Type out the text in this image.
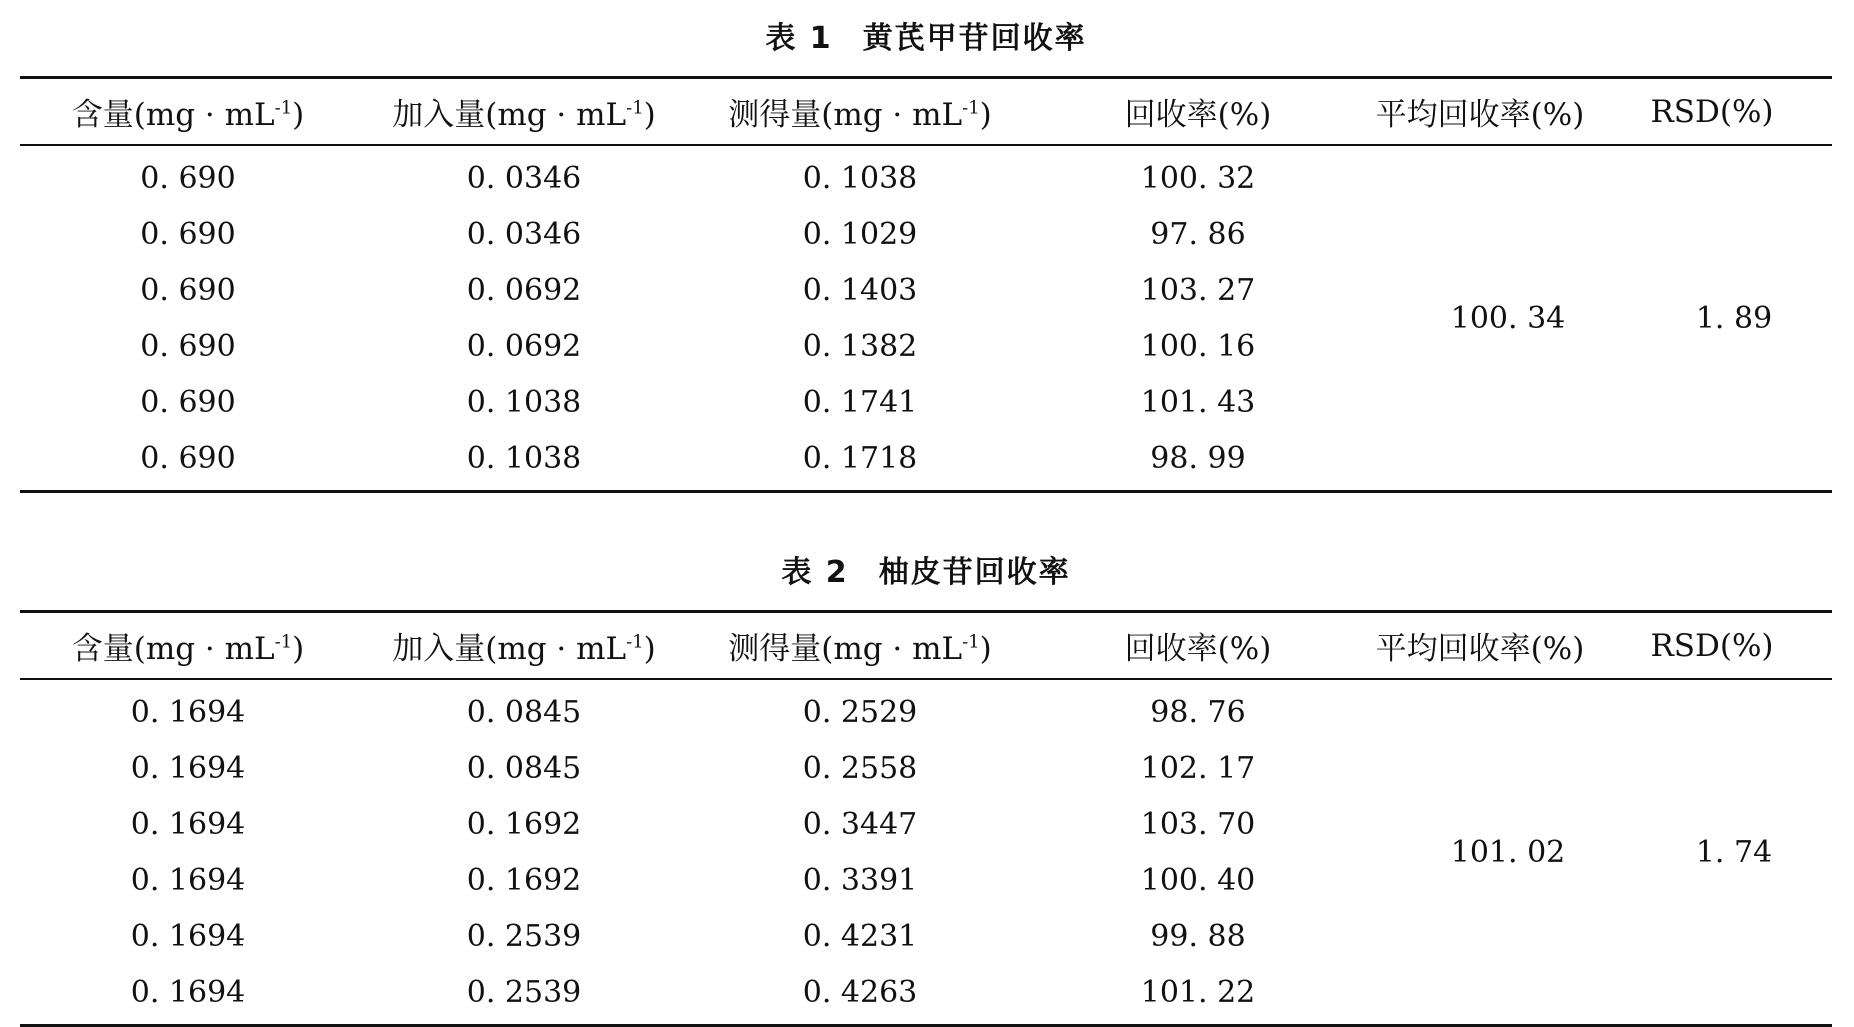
表 1 黄芪甲苷回收率
含量$(mg \cdot mL^{-1})$	加入量$(mg \cdot mL^{-1})$	测得量$(mg \cdot mL^{-1})$	回收率(%)	平均回收率(%)	RSD(%)
0. 690	0. 0346	0. 1038	100. 32
0. 690	0. 0346	0. 1029	97. 86
0. 690	0. 0692	0. 1403	103. 27
0. 690	0. 0692	0. 1382	100. 16
0. 690	0. 1038	0. 1741	101. 43
0. 690	0. 1038	0. 1718	98. 99
100. 34	1. 89
表 2 柚皮苷回收率
含量$(mg \cdot mL^{-1})$	加入量$(mg \cdot mL^{-1})$	测得量$(mg \cdot mL^{-1})$	回收率(%)	平均回收率(%)	RSD(%)
0. 1694	0. 0845	0. 2529	98. 76
0. 1694	0. 0845	0. 2558	102. 17
0. 1694	0. 1692	0. 3447	103. 70
0. 1694	0. 1692	0. 3391	100. 40
0. 1694	0. 2539	0. 4231	99. 88
0. 1694	0. 2539	0. 4263	101. 22
101. 02	1. 74
